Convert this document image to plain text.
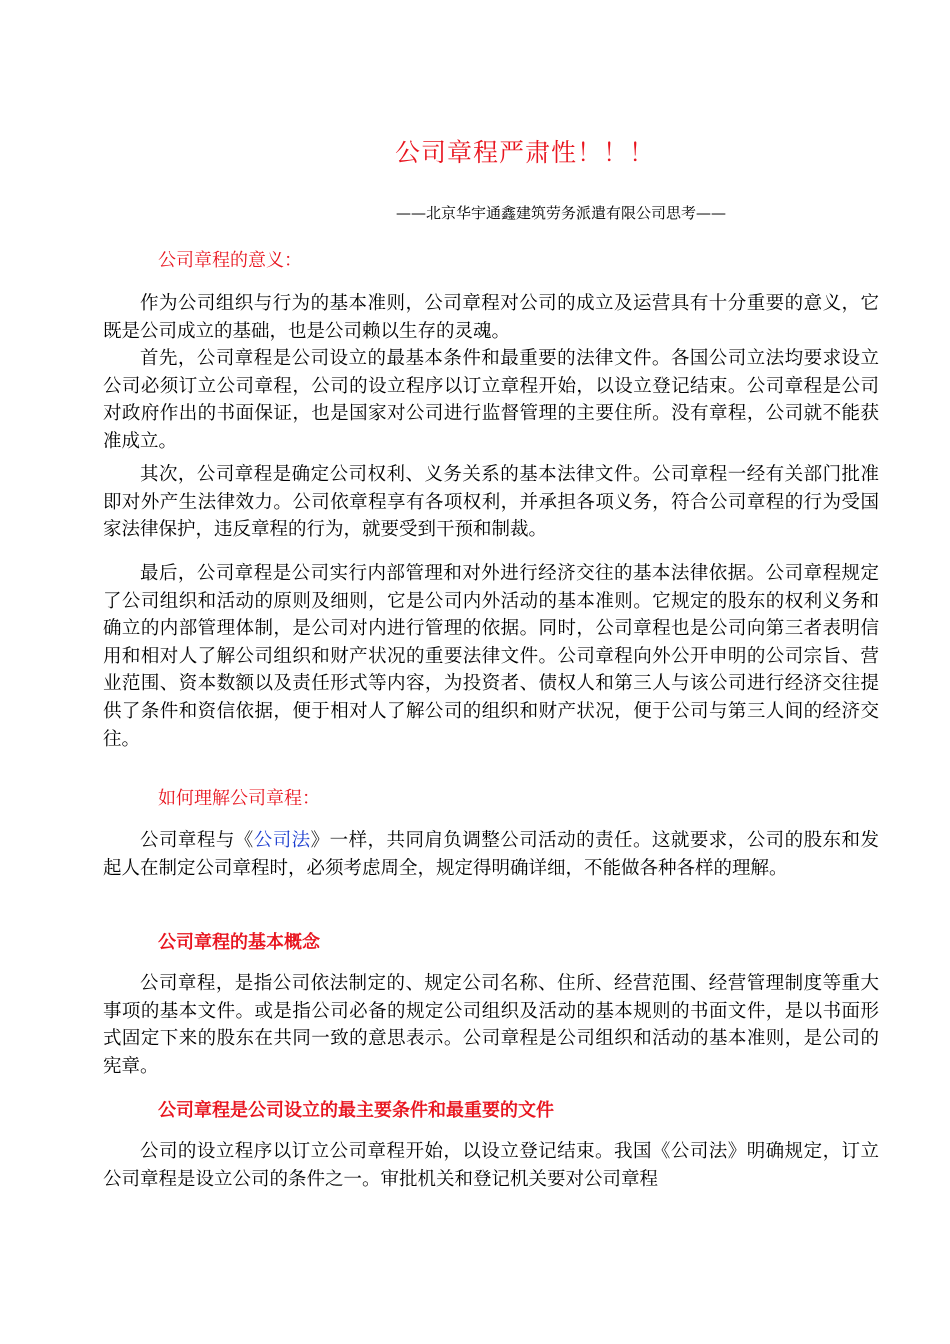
公司章程严肃性！！！
——北京华宇通鑫建筑劳务派遣有限公司思考——
公司章程的意义：

作为公司组织与行为的基本准则，公司章程对公司的成立及运营具有十分重要的意义，它既是公司成立的基础，也是公司赖以生存的灵魂。

首先，公司章程是公司设立的最基本条件和最重要的法律文件。各国公司立法均要求设立公司必须订立公司章程，公司的设立程序以订立章程开始，以设立登记结束。公司章程是公司对政府作出的书面保证，也是国家对公司进行监督管理的主要住所。没有章程，公司就不能获准成立。

其次，公司章程是确定公司权利、义务关系的基本法律文件。公司章程一经有关部门批准即对外产生法律效力。公司依章程享有各项权利，并承担各项义务，符合公司章程的行为受国家法律保护，违反章程的行为，就要受到干预和制裁。

最后，公司章程是公司实行内部管理和对外进行经济交往的基本法律依据。公司章程规定了公司组织和活动的原则及细则，它是公司内外活动的基本准则。它规定的股东的权利义务和确立的内部管理体制，是公司对内进行管理的依据。同时，公司章程也是公司向第三者表明信用和相对人了解公司组织和财产状况的重要法律文件。公司章程向外公开申明的公司宗旨、营业范围、资本数额以及责任形式等内容，为投资者、债权人和第三人与该公司进行经济交往提供了条件和资信依据，便于相对人了解公司的组织和财产状况，便于公司与第三人间的经济交往。

如何理解公司章程：

公司章程与《公司法》一样，共同肩负调整公司活动的责任。这就要求，公司的股东和发起人在制定公司章程时，必须考虑周全，规定得明确详细，不能做各种各样的理解。

公司章程的基本概念

公司章程，是指公司依法制定的、规定公司名称、住所、经营范围、经营管理制度等重大事项的基本文件。或是指公司必备的规定公司组织及活动的基本规则的书面文件，是以书面形式固定下来的股东在共同一致的意思表示。公司章程是公司组织和活动的基本准则，是公司的宪章。

公司章程是公司设立的最主要条件和最重要的文件

公司的设立程序以订立公司章程开始，以设立登记结束。我国《公司法》明确规定，订立公司章程是设立公司的条件之一。审批机关和登记机关要对公司章程
